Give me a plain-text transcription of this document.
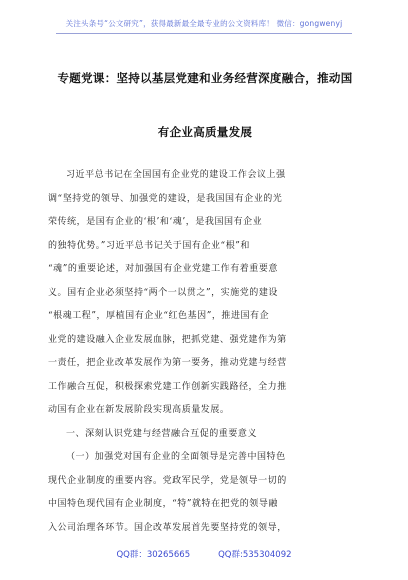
关注头条号“公文研究”，获得最新最全最专业的公文资料库！ 微信：gongwenyj
专题党课：坚持以基层党建和业务经营深度融合，推动国
有企业高质量发展
习近平总书记在全国国有企业党的建设工作会议上强
调“坚持党的领导、加强党的建设，是我国国有企业的光
荣传统，是国有企业的‘根’和‘魂’，是我国国有企业
的独特优势。”习近平总书记关于国有企业“根”和
“魂”的重要论述，对加强国有企业党建工作有着重要意
义。国有企业必须坚持“两个一以贯之”，实施党的建设
“根魂工程”，厚植国有企业“红色基因”，推进国有企
业党的建设融入企业发展血脉，把抓党建、强党建作为第
一责任，把企业改革发展作为第一要务，推动党建与经营
工作融合互促，积极探索党建工作创新实践路径，全力推
动国有企业在新发展阶段实现高质量发展。
一、深刻认识党建与经营融合互促的重要意义
（一）加强党对国有企业的全面领导是完善中国特色
现代企业制度的重要内容。党政军民学，党是领导一切的
中国特色现代国有企业制度，“特”就特在把党的领导融
入公司治理各环节。国企改革发展首先要坚持党的领导，
QQ群：30265665	QQ群:535304092
